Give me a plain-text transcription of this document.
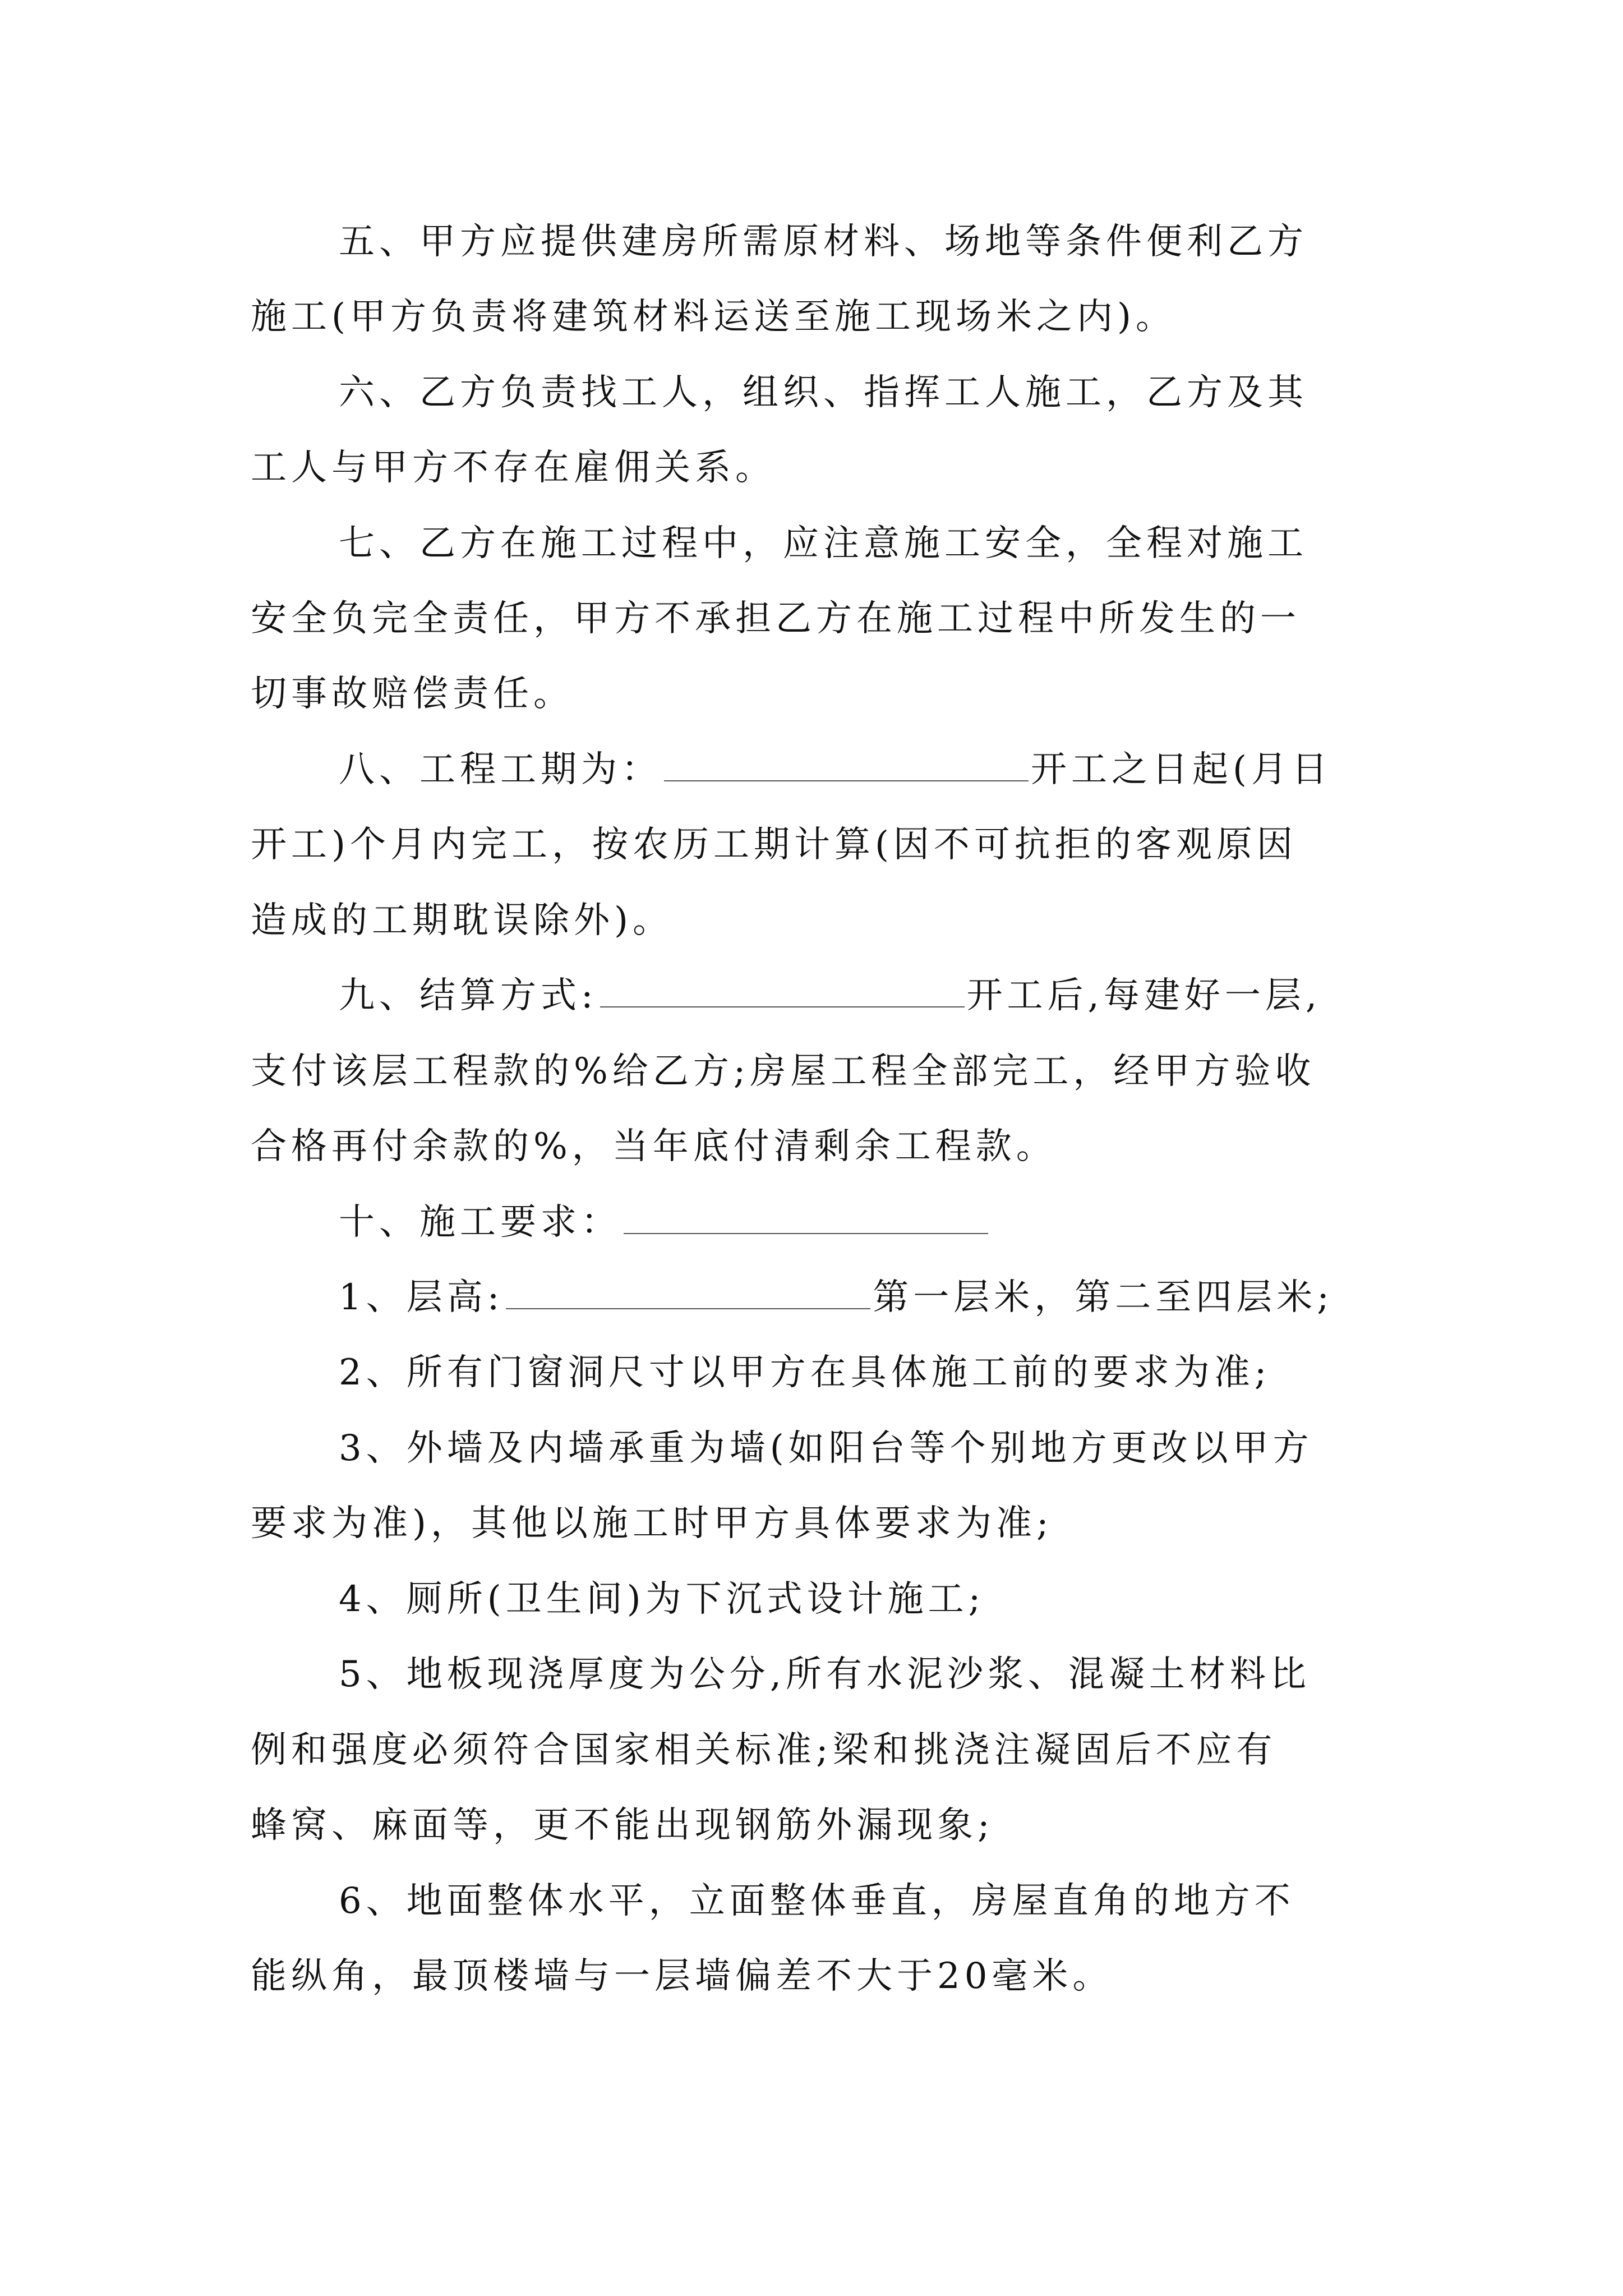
五、甲方应提供建房所需原材料、场地等条件便利乙方
施工(甲方负责将建筑材料运送至施工现场米之内)。
六、乙方负责找工人，组织、指挥工人施工，乙方及其
工人与甲方不存在雇佣关系。
七、乙方在施工过程中，应注意施工安全，全程对施工
安全负完全责任，甲方不承担乙方在施工过程中所发生的一
切事故赔偿责任。
八、工程工期为：	开工之日起(月日
开工)个月内完工，按农历工期计算(因不可抗拒的客观原因
造成的工期耽误除外)。
九、结算方式:	开工后,每建好一层,
支付该层工程款的%给乙方;房屋工程全部完工，经甲方验收
合格再付余款的%，当年底付清剩余工程款。
十、施工要求：
1、层高:	第一层米，第二至四层米;
2、所有门窗洞尺寸以甲方在具体施工前的要求为准;
3、外墙及内墙承重为墙(如阳台等个别地方更改以甲方
要求为准)，其他以施工时甲方具体要求为准;
4、厕所(卫生间)为下沉式设计施工;
5、地板现浇厚度为公分,所有水泥沙浆、混凝土材料比
例和强度必须符合国家相关标准;梁和挑浇注凝固后不应有
蜂窝、麻面等，更不能出现钢筋外漏现象;
6、地面整体水平，立面整体垂直，房屋直角的地方不
能纵角，最顶楼墙与一层墙偏差不大于20毫米。
